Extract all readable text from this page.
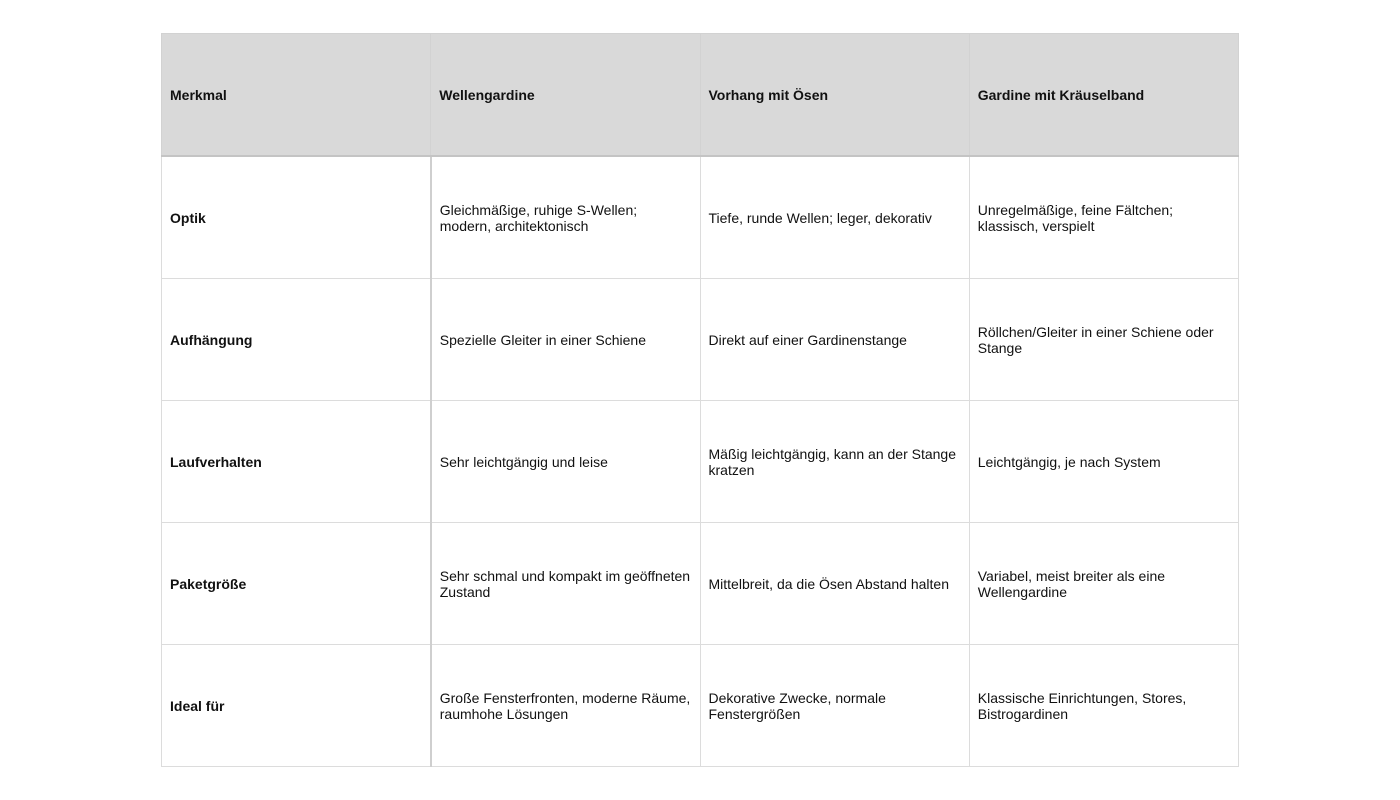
Merkmal	Wellengardine	Vorhang mit Ösen	Gardine mit Kräuselband
Optik	Gleichmäßige, ruhige S-Wellen; modern, architektonisch	Tiefe, runde Wellen; leger, dekorativ	Unregelmäßige, feine Fältchen; klassisch, verspielt
Aufhängung	Spezielle Gleiter in einer Schiene	Direkt auf einer Gardinenstange	Röllchen/Gleiter in einer Schiene oder Stange
Laufverhalten	Sehr leichtgängig und leise	Mäßig leichtgängig, kann an der Stange kratzen	Leichtgängig, je nach System
Paketgröße	Sehr schmal und kompakt im geöffneten Zustand	Mittelbreit, da die Ösen Abstand halten	Variabel, meist breiter als eine Wellengardine
Ideal für	Große Fensterfronten, moderne Räume, raumhohe Lösungen	Dekorative Zwecke, normale Fenstergrößen	Klassische Einrichtungen, Stores, Bistrogardinen
